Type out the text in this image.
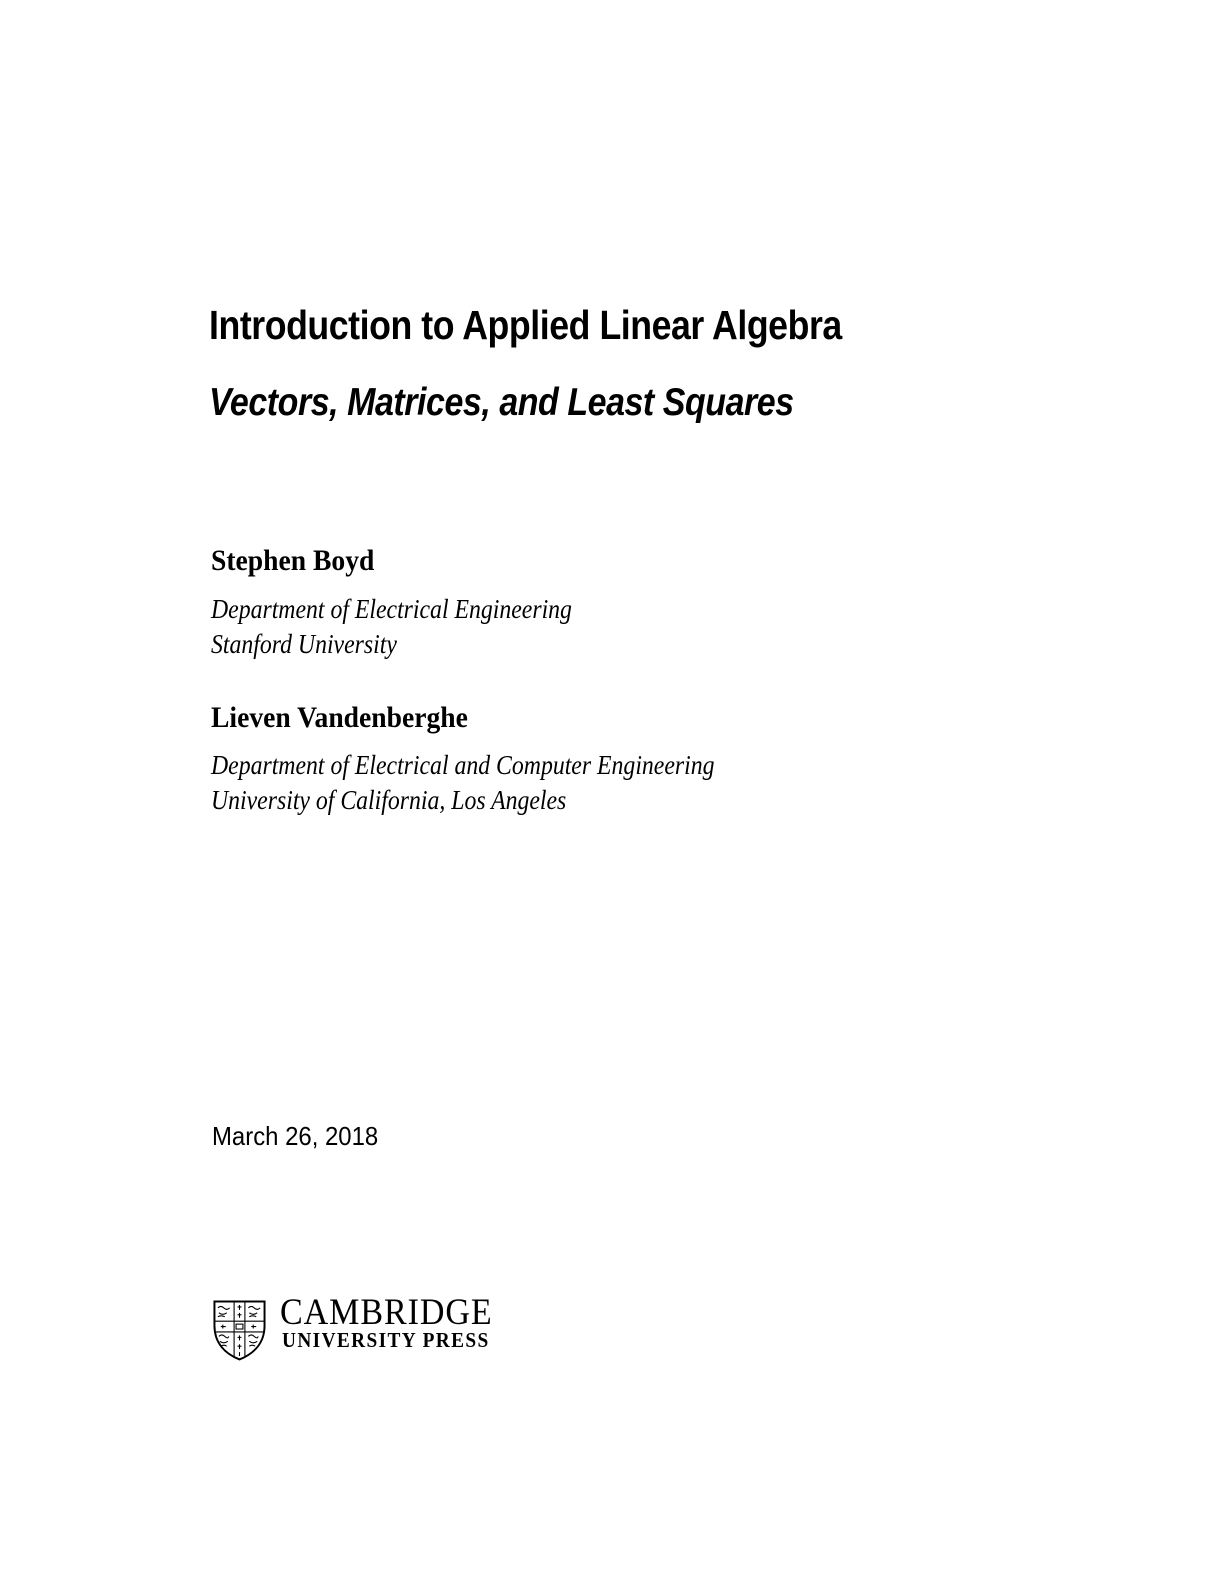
Introduction to Applied Linear Algebra
Vectors, Matrices, and Least Squares
Stephen Boyd
Department of Electrical Engineering
Stanford University
Lieven Vandenberghe
Department of Electrical and Computer Engineering
University of California, Los Angeles
March 26, 2018
CAMBRIDGE
UNIVERSITY PRESS
